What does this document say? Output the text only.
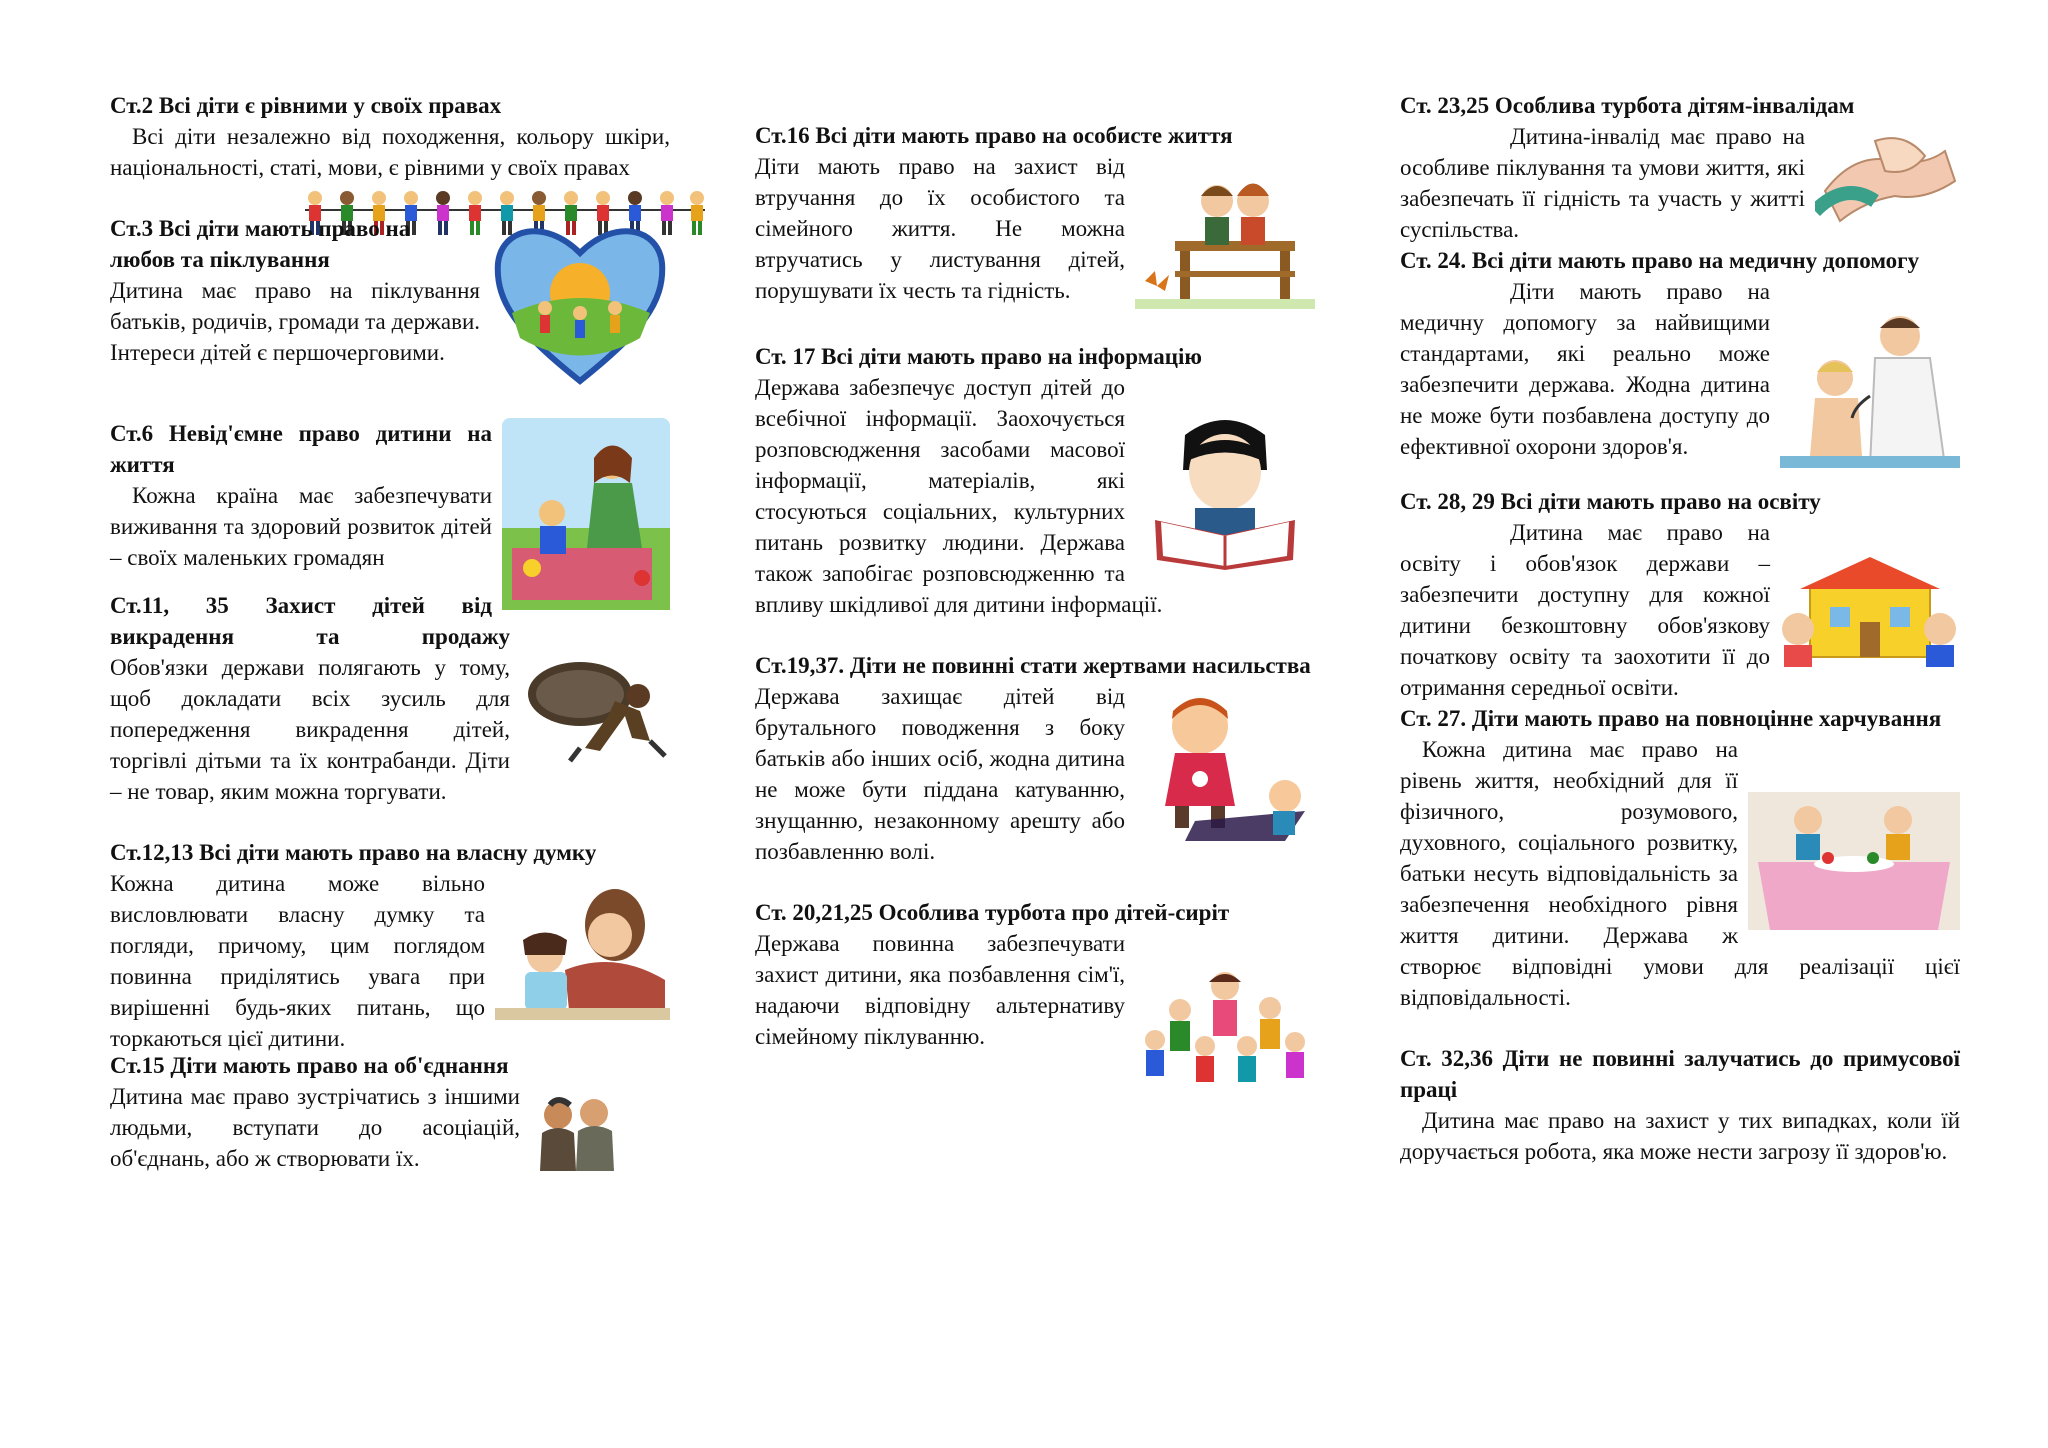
Ст.2 Всі діти є рівними у своїх правах
Всі діти незалежно від походження, кольору шкіри, національності, статі, мови, є рівними у своїх правах
Ст.3 Всі діти мають право на любов та піклування
Дитина має право на піклування батьків, родичів, громади та держави. Інтереси дітей є першочерговими.
Ст.6 Невід'ємне право дитини на життя
Кожна країна має забезпечувати виживання та здоровий розвиток дітей – своїх маленьких громадян
Ст.11, 35 Захист дітей від викрадення та продажу
Обов'язки держави полягають у тому, щоб докладати всіх зусиль для попередження викрадення дітей, торгівлі дітьми та їх контрабанди. Діти – не товар, яким можна торгувати.
Ст.12,13 Всі діти мають право на власну думку
Кожна дитина може вільно висловлювати власну думку та погляди, причому, цим поглядом повинна приділятись увага при вирішенні будь-яких питань, що торкаються цієї дитини.
Ст.15 Діти мають право на об'єднання
Дитина має право зустрічатись з іншими людьми, вступати до асоціацій, об'єднань, або ж створювати їх.
Ст.16 Всі діти мають право на особисте життя
Діти мають право на захист від втручання до їх особистого та сімейного життя. Не можна втручатись у листування дітей, порушувати їх честь та гідність.
Ст. 17 Всі діти мають право на інформацію
Держава забезпечує доступ дітей до всебічної інформації. Заохочується розповсюдження засобами масової інформації, матеріалів, які стосуються соціальних, культурних питань розвитку людини. Держава також запобігає розповсюдженню та впливу шкідливої для дитини інформації.
Ст.19,37. Діти не повинні стати жертвами насильства
Держава захищає дітей від брутального поводження з боку батьків або інших осіб, жодна дитина не може бути піддана катуванню, знущанню, незаконному арешту або позбавленню волі.
Ст. 20,21,25 Особлива турбота про дітей-сиріт
Держава повинна забезпечувати захист дитини, яка позбавлення сім'ї, надаючи відповідну альтернативу сімейному піклуванню.
Ст. 23,25 Особлива турбота дітям-інвалідам
Дитина-інвалід має право на особливе піклування та умови життя, які забезпечать її гідність та участь у житті суспільства.
Ст. 24. Всі діти мають право на медичну допомогу
Діти мають право на медичну допомогу за найвищими стандартами, які реально може забезпечити держава. Жодна дитина не може бути позбавлена доступу до ефективної охорони здоров'я.
Ст. 28, 29 Всі діти мають право на освіту
Дитина має право на освіту і обов'язок держави – забезпечити доступну для кожної дитини безкоштовну обов'язкову початкову освіту та заохотити її до отримання середньої освіти.
Ст. 27. Діти мають право на повноцінне харчування
Кожна дитина має право на рівень життя, необхідний для її фізичного, розумового, духовного, соціального розвитку, батьки несуть відповідальність за забезпечення необхідного рівня життя дитини. Держава ж створює відповідні умови для реалізації цієї відповідальності.
Ст. 32,36 Діти не повинні залучатись до примусової праці
Дитина має право на захист у тих випадках, коли їй доручається робота, яка може нести загрозу її здоров'ю.
